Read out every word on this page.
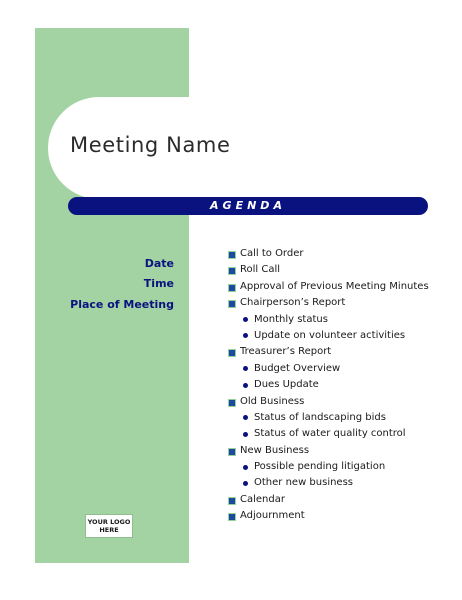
Meeting Name
AGENDA
Date
Time
Place of Meeting
Call to Order
Roll Call
Approval of Previous Meeting Minutes
Chairperson’s Report
Monthly status
Update on volunteer activities
Treasurer’s Report
Budget Overview
Dues Update
Old Business
Status of landscaping bids
Status of water quality control
New Business
Possible pending litigation
Other new business
Calendar
Adjournment
YOUR LOGO
HERE
